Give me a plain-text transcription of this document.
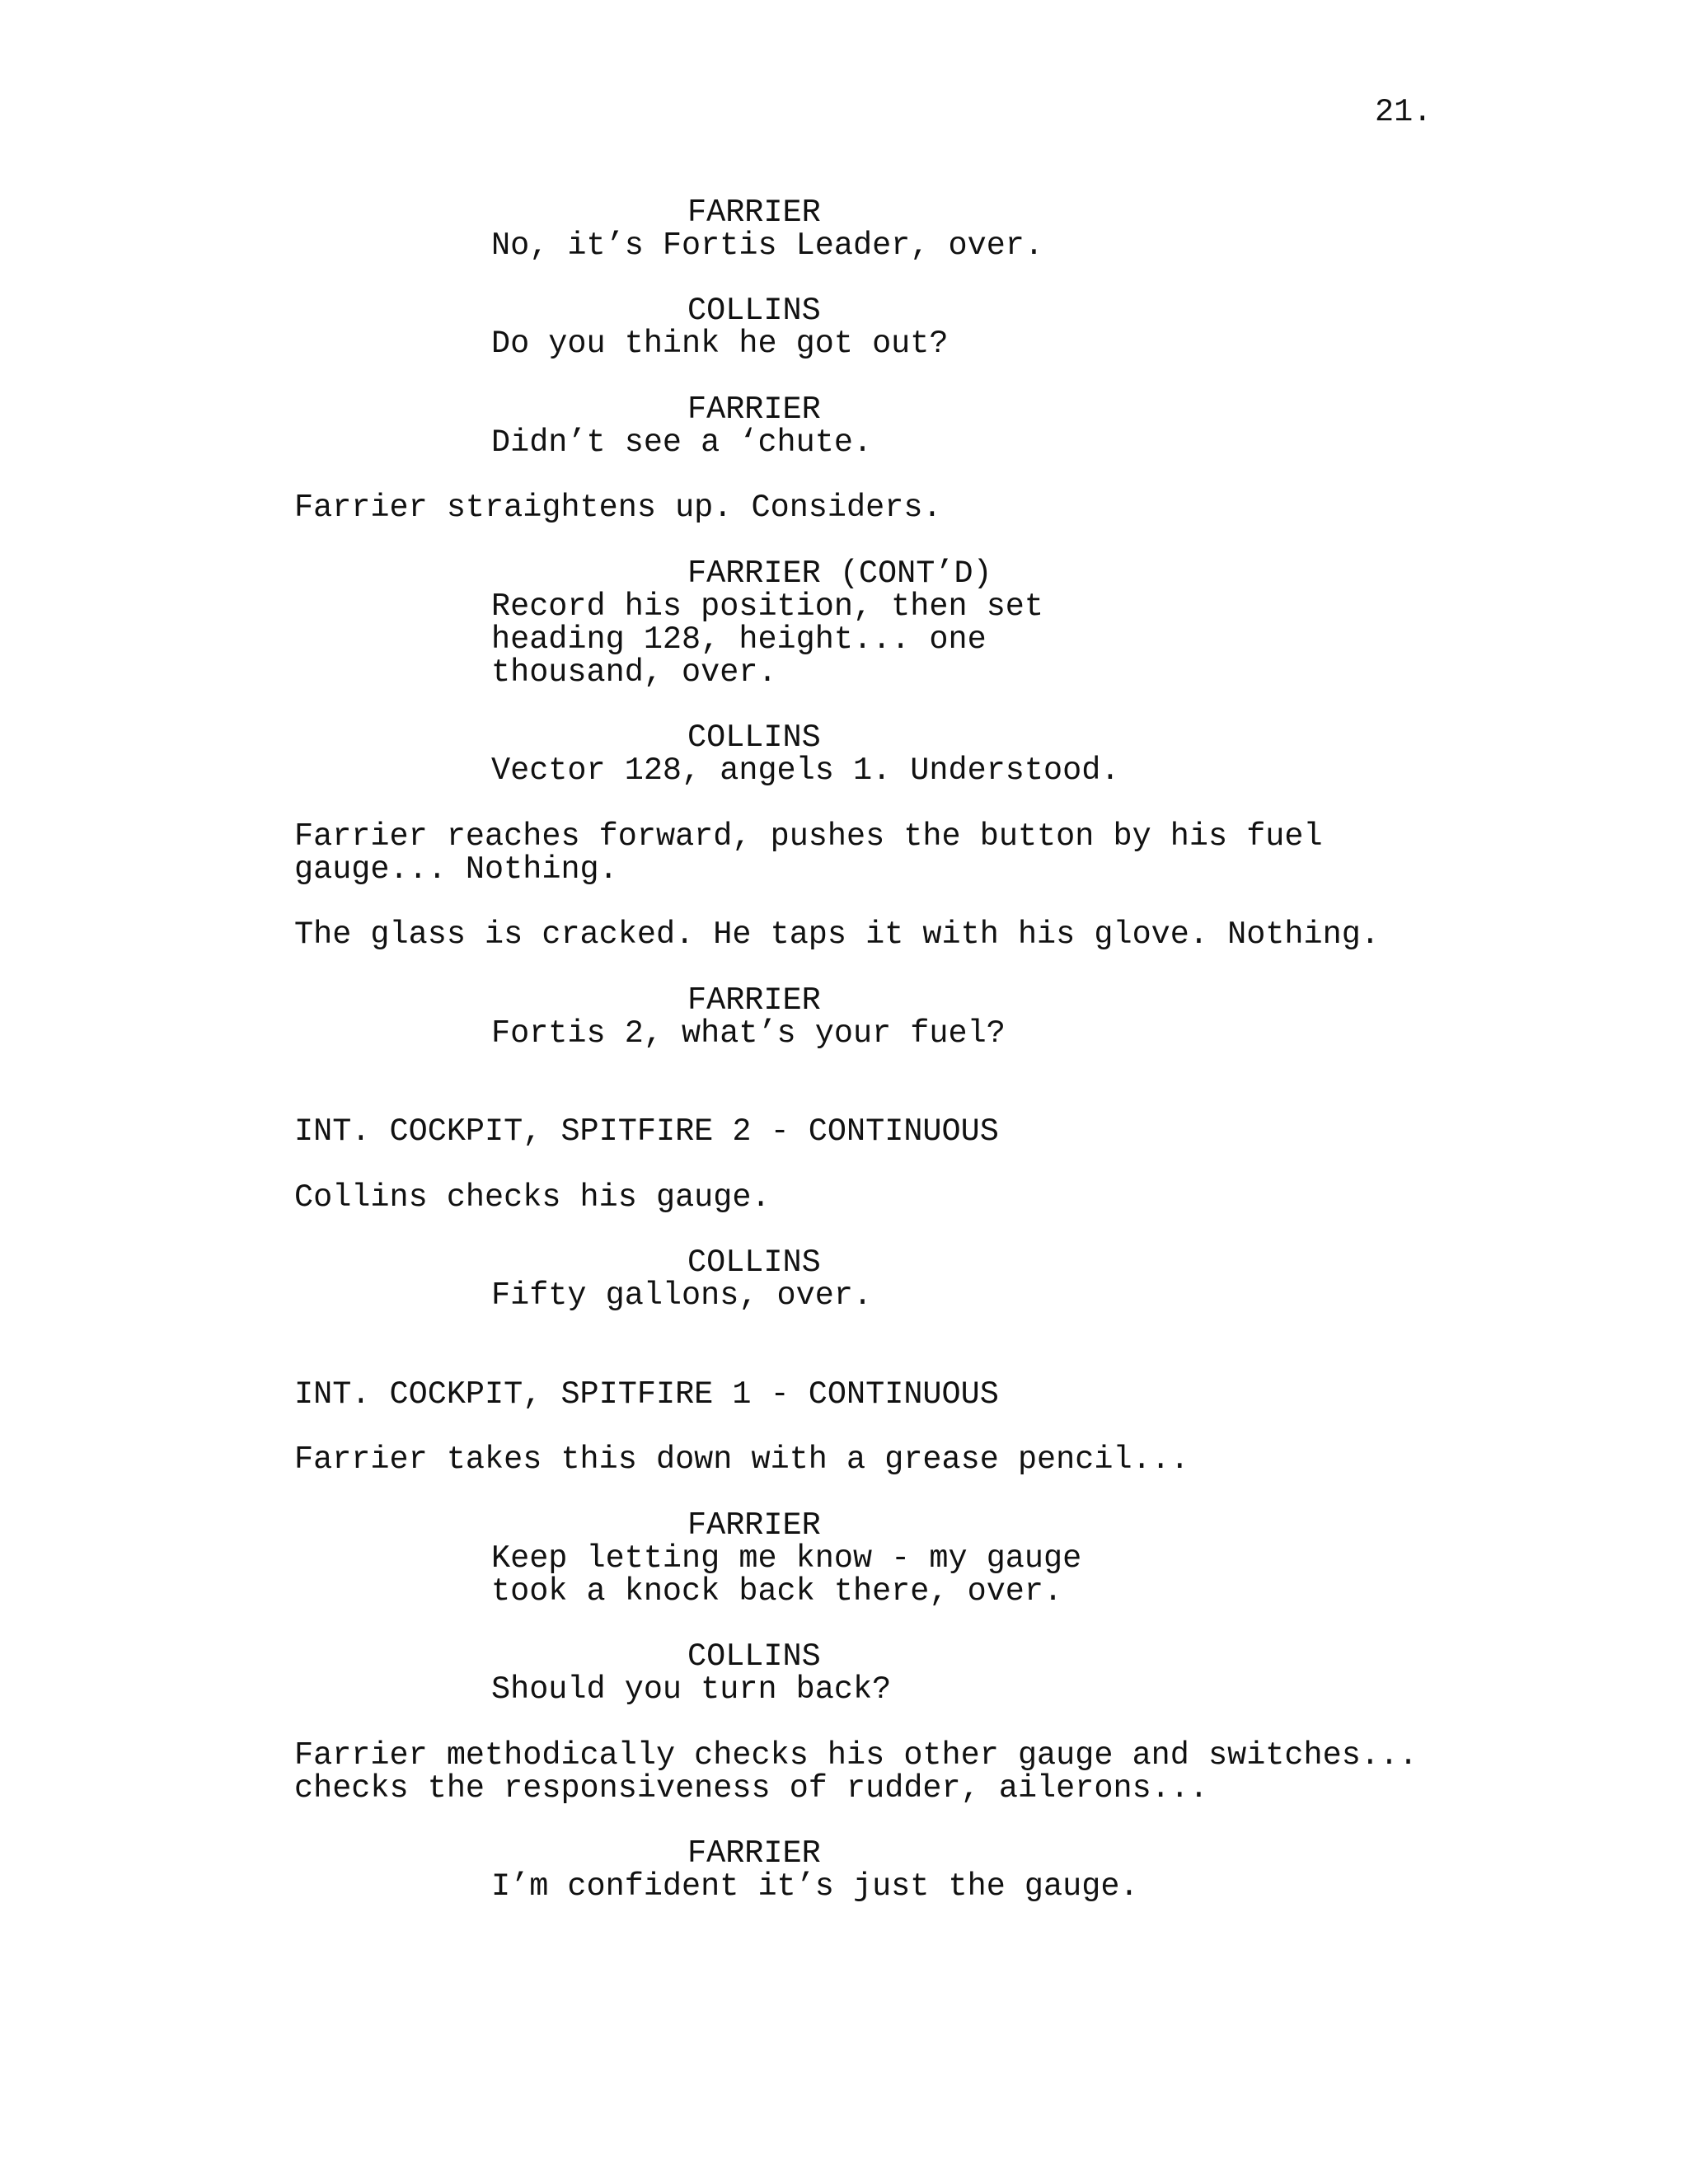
21.
FARRIER
No, it’s Fortis Leader, over.
COLLINS
Do you think he got out?
FARRIER
Didn’t see a ‘chute.
Farrier straightens up. Considers.
FARRIER (CONT’D)
Record his position, then set
heading 128, height... one
thousand, over.
COLLINS
Vector 128, angels 1. Understood.
Farrier reaches forward, pushes the button by his fuel
gauge... Nothing.
The glass is cracked. He taps it with his glove. Nothing.
FARRIER
Fortis 2, what’s your fuel?
INT. COCKPIT, SPITFIRE 2 - CONTINUOUS
Collins checks his gauge.
COLLINS
Fifty gallons, over.
INT. COCKPIT, SPITFIRE 1 - CONTINUOUS
Farrier takes this down with a grease pencil...
FARRIER
Keep letting me know - my gauge
took a knock back there, over.
COLLINS
Should you turn back?
Farrier methodically checks his other gauge and switches...
checks the responsiveness of rudder, ailerons...
FARRIER
I’m confident it’s just the gauge.
